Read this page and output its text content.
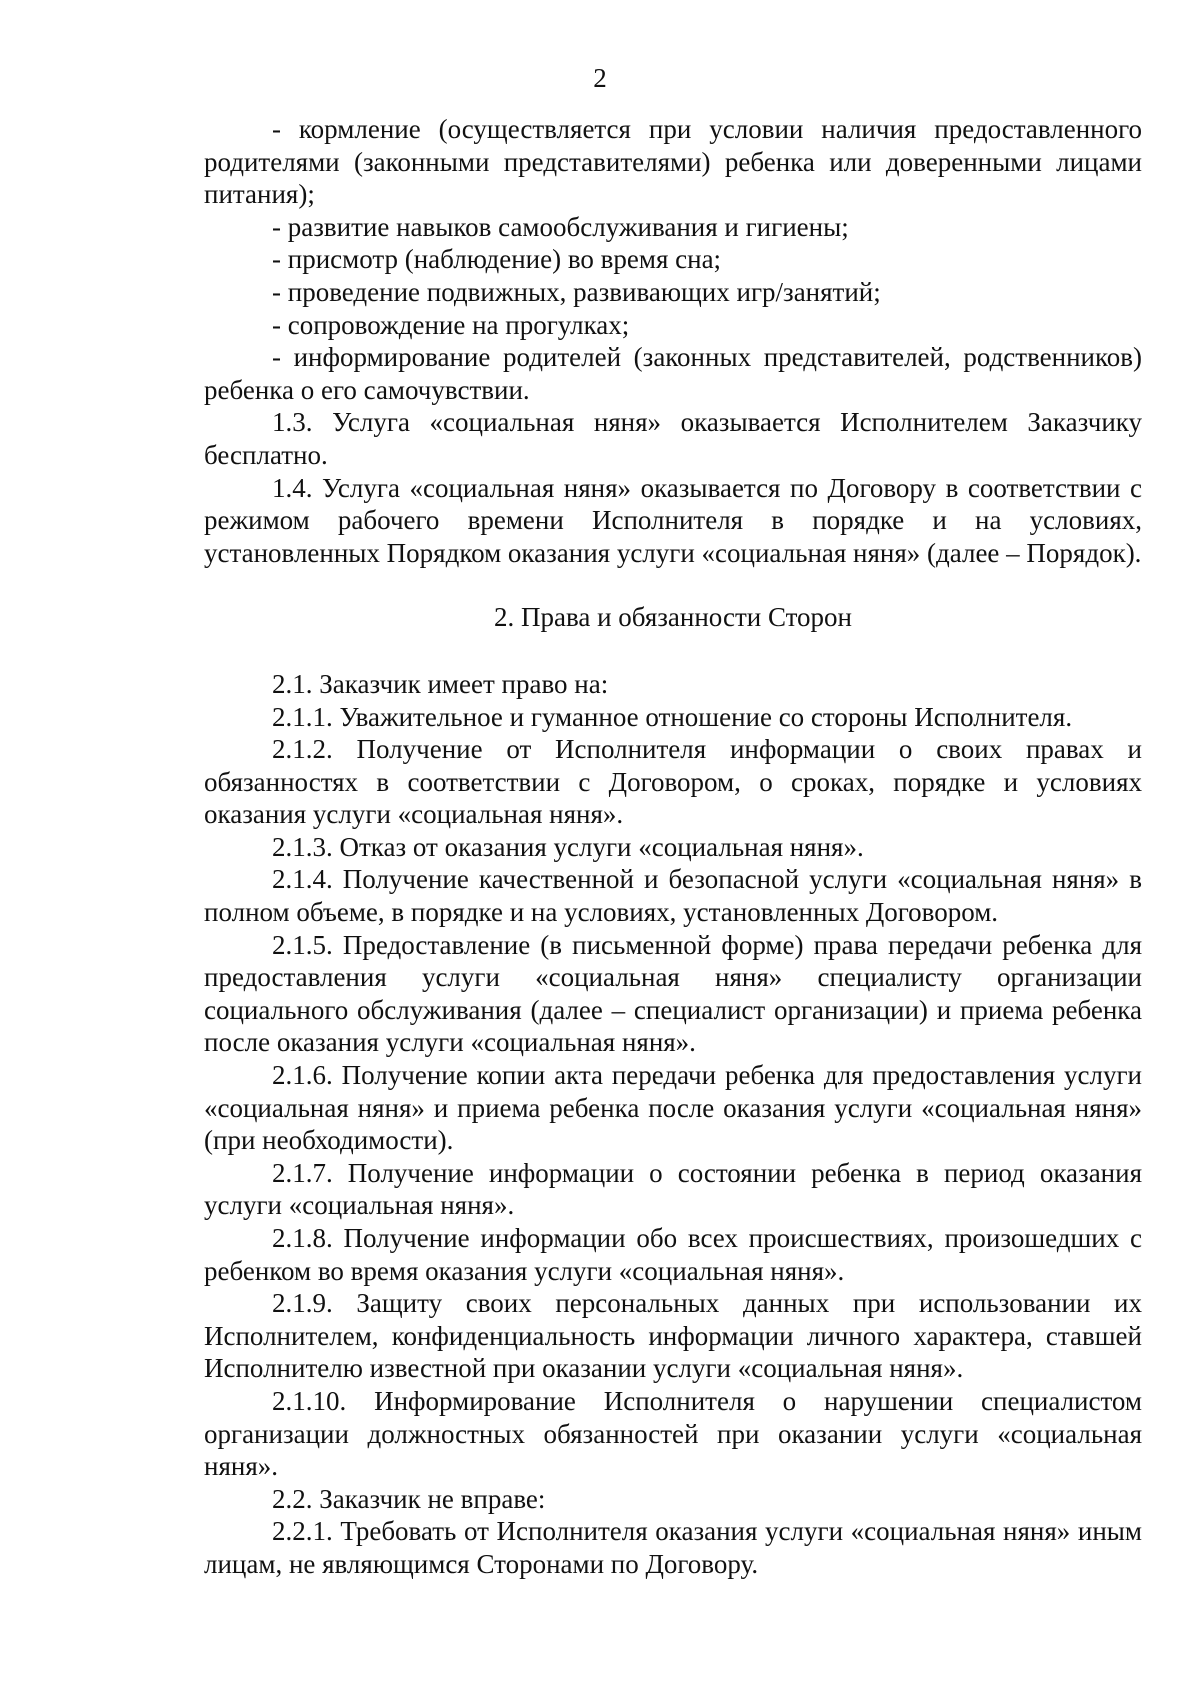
2

- кормление (осуществляется при условии наличия предоставленного родителями (законными представителями) ребенка или доверенными лицами питания);

- развитие навыков самообслуживания и гигиены;

- присмотр (наблюдение) во время сна;

- проведение подвижных, развивающих игр/занятий;

- сопровождение на прогулках;

- информирование родителей (законных представителей, родственников) ребенка о его самочувствии.

1.3. Услуга «социальная няня» оказывается Исполнителем Заказчику бесплатно.

1.4. Услуга «социальная няня» оказывается по Договору в соответствии с режимом рабочего времени Исполнителя в порядке и на условиях, установленных Порядком оказания услуги «социальная няня» (далее – Порядок).

2. Права и обязанности Сторон

2.1. Заказчик имеет право на:

2.1.1. Уважительное и гуманное отношение со стороны Исполнителя.

2.1.2. Получение от Исполнителя информации о своих правах и обязанностях в соответствии с Договором, о сроках, порядке и условиях оказания услуги «социальная няня».

2.1.3. Отказ от оказания услуги «социальная няня».

2.1.4. Получение качественной и безопасной услуги «социальная няня» в полном объеме, в порядке и на условиях, установленных Договором.

2.1.5. Предоставление (в письменной форме) права передачи ребенка для предоставления услуги «социальная няня» специалисту организации социального обслуживания (далее – специалист организации) и приема ребенка после оказания услуги «социальная няня».

2.1.6. Получение копии акта передачи ребенка для предоставления услуги «социальная няня» и приема ребенка после оказания услуги «социальная няня» (при необходимости).

2.1.7. Получение информации о состоянии ребенка в период оказания услуги «социальная няня».

2.1.8. Получение информации обо всех происшествиях, произошедших с ребенком во время оказания услуги «социальная няня».

2.1.9. Защиту своих персональных данных при использовании их Исполнителем, конфиденциальность информации личного характера, ставшей Исполнителю известной при оказании услуги «социальная няня».

2.1.10. Информирование Исполнителя о нарушении специалистом организации должностных обязанностей при оказании услуги «социальная няня».

2.2. Заказчик не вправе:

2.2.1. Требовать от Исполнителя оказания услуги «социальная няня» иным лицам, не являющимся Сторонами по Договору.
